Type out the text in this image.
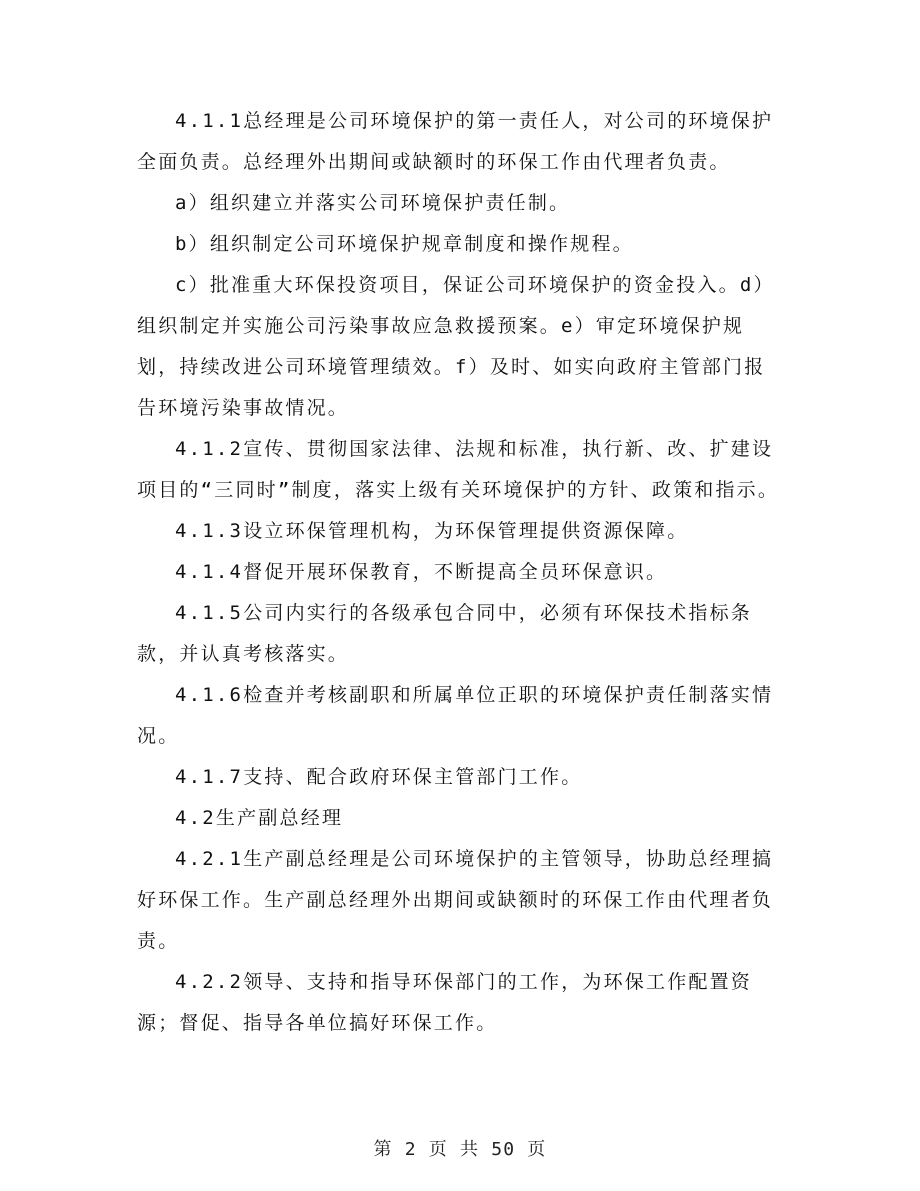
4.1.1总经理是公司环境保护的第一责任人，对公司的环境保护全面负责。总经理外出期间或缺额时的环保工作由代理者负责。

a）组织建立并落实公司环境保护责任制。

b）组织制定公司环境保护规章制度和操作规程。

c）批准重大环保投资项目，保证公司环境保护的资金投入。d）组织制定并实施公司污染事故应急救援预案。e）审定环境保护规划，持续改进公司环境管理绩效。f）及时、如实向政府主管部门报告环境污染事故情况。

4.1.2宣传、贯彻国家法律、法规和标准，执行新、改、扩建设项目的“三同时”制度，落实上级有关环境保护的方针、政策和指示。

4.1.3设立环保管理机构，为环保管理提供资源保障。

4.1.4督促开展环保教育，不断提高全员环保意识。

4.1.5公司内实行的各级承包合同中，必须有环保技术指标条款，并认真考核落实。

4.1.6检查并考核副职和所属单位正职的环境保护责任制落实情况。

4.1.7支持、配合政府环保主管部门工作。

4.2生产副总经理

4.2.1生产副总经理是公司环境保护的主管领导，协助总经理搞好环保工作。生产副总经理外出期间或缺额时的环保工作由代理者负责。

4.2.2领导、支持和指导环保部门的工作，为环保工作配置资源；督促、指导各单位搞好环保工作。

第 2 页 共 50 页
